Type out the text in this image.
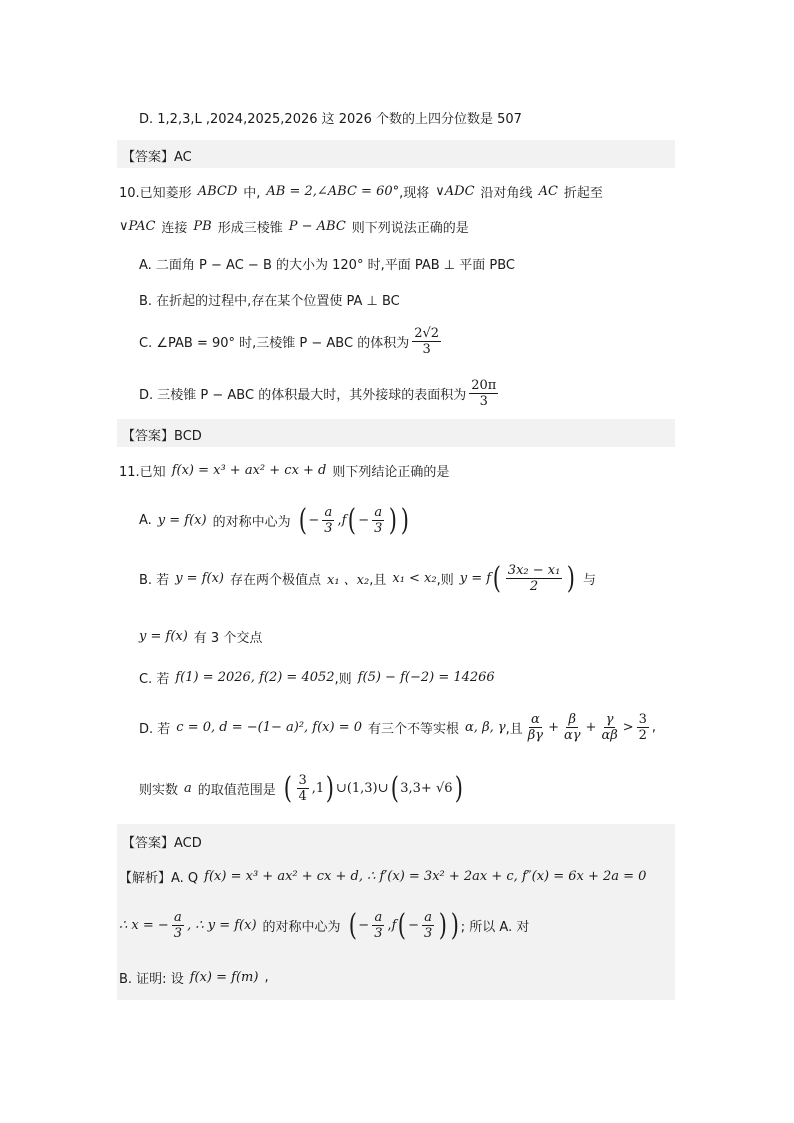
D. 1,2,3,L ,2024,2025,2026 这 2026 个数的上四分位数是 507
【答案】AC
10.已知菱形 ABCD 中, AB = 2,∠ABC = 60° ,现将 ∨ADC 沿对角线 AC 折起至
∨PAC 连接 PB 形成三棱锥 P − ABC 则下列说法正确的是
A. 二面角 P − AC − B 的大小为 120° 时,平面 PAB ⊥ 平面 PBC
B. 在折起的过程中,存在某个位置使 PA ⊥ BC
C. ∠PAB = 90° 时,三棱锥 P − ABC 的体积为 $\frac{2√2}{3}$
D. 三棱锥 P − ABC 的体积最大时，其外接球的表面积为 $\frac{20\pi}{3}$
【答案】BCD
11.已知 f(x) = x³ + ax² + cx + d 则下列结论正确的是
A. y = f(x) 的对称中心为 ( − $\frac{a}{3}$ , f ( − $\frac{a}{3}$ ) )
B. 若 y = f(x) 存在两个极值点 x₁ 、x₂ ,且 x₁ < x₂ ,则 y = f ( $\frac{\text{3x₂ − x₁}}{2}$ ) 与
y = f(x) 有 3 个交点
C. 若 f(1) = 2026, f(2) = 4052 ,则 f(5) − f(−2) = 14266
D. 若 c = 0, d = −(1− a)², f(x) = 0 有三个不等实根 α, β, γ ,且 $\frac{\alpha}{\beta\gamma} + \frac{\beta}{\alpha\gamma} + \frac{\gamma}{\alpha\beta} > \frac{3}{2}$ ,
则实数 a 的取值范围是 ( $\frac{3}{4} ,1$ ) ∪(1,3)∪ ( 3,3+ √6 )
【答案】ACD
【解析】A. Q f(x) = x³ + ax² + cx + d, ∴ f′(x) = 3x² + 2ax + c, f″(x) = 6x + 2a = 0
∴ x = − $\frac{a}{3}$ , ∴ y = f(x) 的对称中心为 ( − $\frac{a}{3}$ , f ( − $\frac{a}{3}$ ) ) ; 所以 A. 对
B. 证明: 设 f(x) = f(m) ,
